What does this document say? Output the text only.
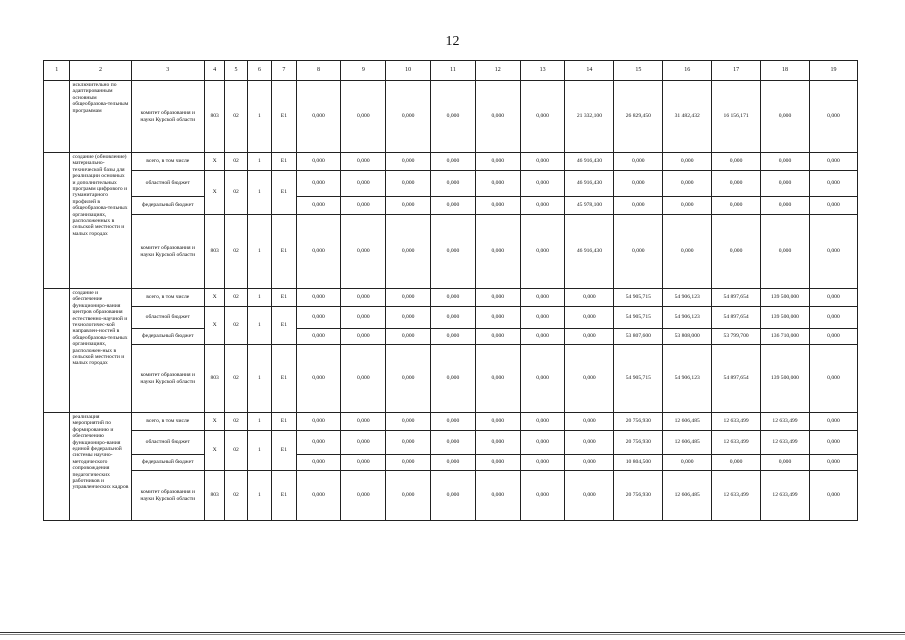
12
1	2	3	4	5	6	7	8	9	10	11	12	13	14	15	16	17	18	19
	исключительно по адаптированным основным общеобразова-тельным программам	комитет образования и науки Курской области	803	02	1	Е1	0,000	0,000	0,000	0,000	0,000	0,000	21 332,100	26 829,450	31 482,432	16 156,171	0,000	0,000
	создание (обновление) материально-технической базы для реализации основных и дополнительных программ цифрового и гуманитарного профилей в общеобразова-тельных организациях, расположенных в сельской местности и малых городах	всего, в том числе	Х	02	1	Е1	0,000	0,000	0,000	0,000	0,000	0,000	46 916,430	0,000	0,000	0,000	0,000	0,000
		областной бюджет	Х	02	1	Е1	0,000	0,000	0,000	0,000	0,000	0,000	46 916,430	0,000	0,000	0,000	0,000	0,000
		федеральный бюджет					0,000	0,000	0,000	0,000	0,000	0,000	45 978,100	0,000	0,000	0,000	0,000	0,000
		комитет образования и науки Курской области	803	02	1	Е1	0,000	0,000	0,000	0,000	0,000	0,000	46 916,430	0,000	0,000	0,000	0,000	0,000
	создание и обеспечение функциониро-вания центров образования естественно-научной и технологичес-кой направлен-ностей в общеобразова-тельных организациях, расположен-ных в сельской местности и малых городах	всего, в том числе	Х	02	1	Е1	0,000	0,000	0,000	0,000	0,000	0,000	0,000	54 905,715	54 906,123	54 897,654	139 500,000	0,000
		областной бюджет	Х	02	1	Е1	0,000	0,000	0,000	0,000	0,000	0,000	0,000	54 905,715	54 906,123	54 897,654	139 500,000	0,000
		федеральный бюджет					0,000	0,000	0,000	0,000	0,000	0,000	0,000	53 807,600	53 808,000	53 799,700	136 710,000	0,000
		комитет образования и науки Курской области	803	02	1	Е1	0,000	0,000	0,000	0,000	0,000	0,000	0,000	54 905,715	54 906,123	54 897,654	139 500,000	0,000
	реализация мероприятий по формированию и обеспечению функциониро-вания единой федеральной системы научно-методического сопровождения педагогических работников и управленческих кадров	всего, в том числе	Х	02	1	Е1	0,000	0,000	0,000	0,000	0,000	0,000	0,000	20 756,930	12 606,485	12 633,499	12 633,499	0,000
		областной бюджет	Х	02	1	Е1	0,000	0,000	0,000	0,000	0,000	0,000	0,000	20 756,930	12 606,485	12 633,499	12 633,499	0,000
		федеральный бюджет					0,000	0,000	0,000	0,000	0,000	0,000	0,000	10 804,500	0,000	0,000	0,000	0,000
		комитет образования и науки Курской области	803	02	1	Е1	0,000	0,000	0,000	0,000	0,000	0,000	0,000	20 756,930	12 606,485	12 633,499	12 633,499	0,000
